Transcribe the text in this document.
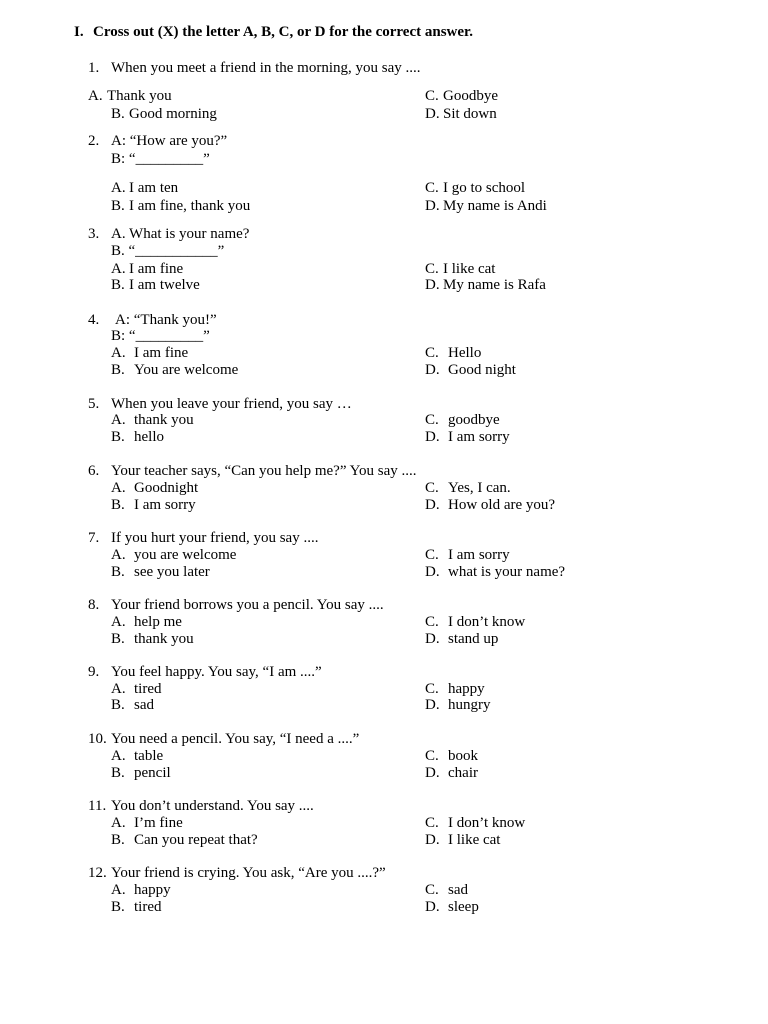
I. Cross out (X) the letter A, B, C, or D for the correct answer.
1. When you meet a friend in the morning, you say ....
A. Thank you
B. Good morning
C. Goodbye
D. Sit down
2. A: “How are you?”
B: “_________”
A. I am ten
B. I am fine, thank you
C. I go to school
D. My name is Andi
3. A. What is your name?
B. “___________”
A. I am fine
B. I am twelve
C. I like cat
D. My name is Rafa
4. A: “Thank you!”
B: “_________”
A. I am fine
B. You are welcome
C. Hello
D. Good night
5. When you leave your friend, you say …
A. thank you
B. hello
C. goodbye
D. I am sorry
6. Your teacher says, “Can you help me?” You say ....
A. Goodnight
B. I am sorry
C. Yes, I can.
D. How old are you?
7. If you hurt your friend, you say ....
A. you are welcome
B. see you later
C. I am sorry
D. what is your name?
8. Your friend borrows you a pencil. You say ....
A. help me
B. thank you
C. I don’t know
D. stand up
9. You feel happy. You say, “I am ....”
A. tired
B. sad
C. happy
D. hungry
10. You need a pencil. You say, “I need a ....”
A. table
B. pencil
C. book
D. chair
11. You don’t understand. You say ....
A. I’m fine
B. Can you repeat that?
C. I don’t know
D. I like cat
12. Your friend is crying. You ask, “Are you ....?”
A. happy
B. tired
C. sad
D. sleep
